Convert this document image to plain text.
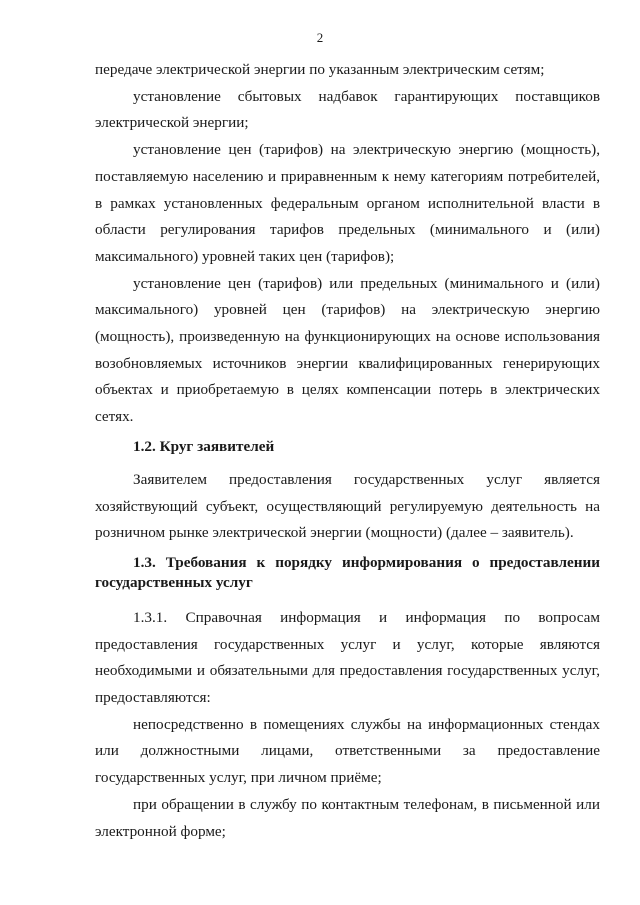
2

передаче электрической энергии по указанным электрическим сетям;

установление сбытовых надбавок гарантирующих поставщиков электрической энергии;

установление цен (тарифов) на электрическую энергию (мощность), поставляемую населению и приравненным к нему категориям потребителей, в рамках установленных федеральным органом исполнительной власти в области регулирования тарифов предельных (минимального и (или) максимального) уровней таких цен (тарифов);

установление цен (тарифов) или предельных (минимального и (или) максимального) уровней цен (тарифов) на электрическую энергию (мощность), произведенную на функционирующих на основе использования возобновляемых источников энергии квалифицированных генерирующих объектах и приобретаемую в целях компенсации потерь в электрических сетях.

1.2. Круг заявителей

Заявителем предоставления государственных услуг является хозяйствующий субъект, осуществляющий регулируемую деятельность на розничном рынке электрической энергии (мощности) (далее – заявитель).

1.3. Требования к порядку информирования о предоставлении государственных услуг

1.3.1. Справочная информация и информация по вопросам предоставления государственных услуг и услуг, которые являются необходимыми и обязательными для предоставления государственных услуг, предоставляются:

непосредственно в помещениях службы на информационных стендах или должностными лицами, ответственными за предоставление государственных услуг, при личном приёме;

при обращении в службу по контактным телефонам, в письменной или электронной форме;
